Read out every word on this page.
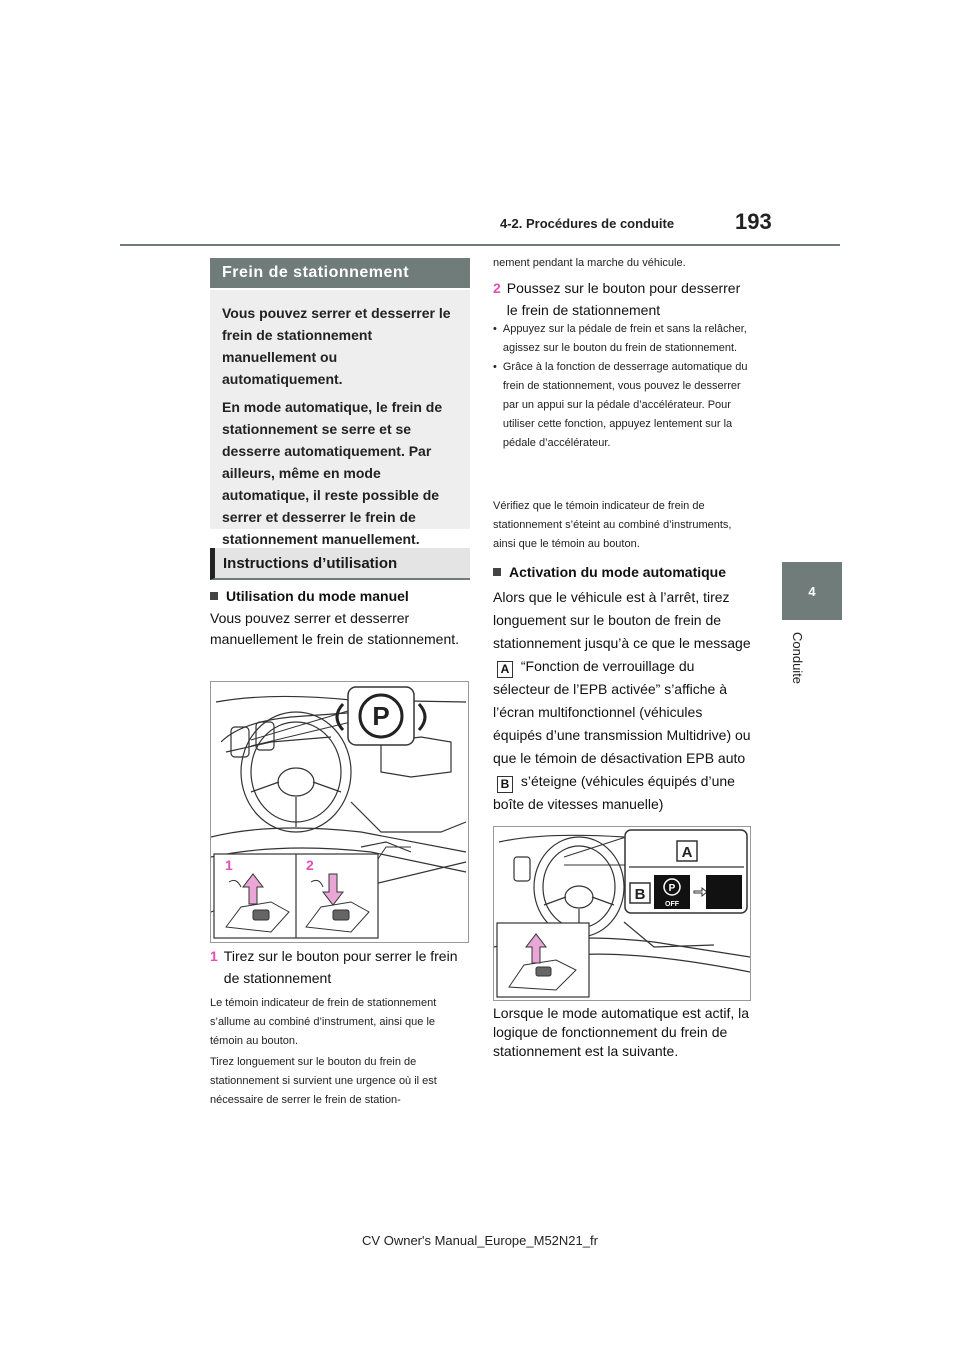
4-2. Procédures de conduite	193
4
Conduite
Frein de stationnement

Vous pouvez serrer et desserrer le frein de stationnement manuellement ou automatiquement.

En mode automatique, le frein de stationnement se serre et se desserre automatiquement. Par ailleurs, même en mode automatique, il reste possible de serrer et desserrer le frein de stationnement manuellement.

Instructions d’utilisation
Utilisation du mode manuel
Vous pouvez serrer et desserrer manuellement le frein de stationnement.
P
1	2
1 Tirez sur le bouton pour serrer le frein de stationnement
Le témoin indicateur de frein de stationnement s’allume au combiné d’instrument, ainsi que le témoin au bouton.
Tirez longuement sur le bouton du frein de stationnement si survient une urgence où il est nécessaire de serrer le frein de station-
nement pendant la marche du véhicule.
2 Poussez sur le bouton pour desserrer le frein de stationnement
• Appuyez sur la pédale de frein et sans la relâcher, agissez sur le bouton du frein de stationnement.
• Grâce à la fonction de desserrage automatique du frein de stationnement, vous pouvez le desserrer par un appui sur la pédale d’accélérateur. Pour utiliser cette fonction, appuyez lentement sur la pédale d’accélérateur.
Vérifiez que le témoin indicateur de frein de stationnement s’éteint au combiné d’instruments, ainsi que le témoin au bouton.
Activation du mode automatique
Alors que le véhicule est à l’arrêt, tirez longuement sur le bouton de frein de stationnement jusqu’à ce que le message A “Fonction de verrouillage du sélecteur de l’EPB activée” s’affiche à l’écran multifonctionnel (véhicules équipés d’une transmission Multidrive) ou que le témoin de désactivation EPB auto B s’éteigne (véhicules équipés d’une boîte de vitesses manuelle)
A
B P
OFF
Lorsque le mode automatique est actif, la logique de fonctionnement du frein de stationnement est la suivante.
CV Owner's Manual_Europe_M52N21_fr
